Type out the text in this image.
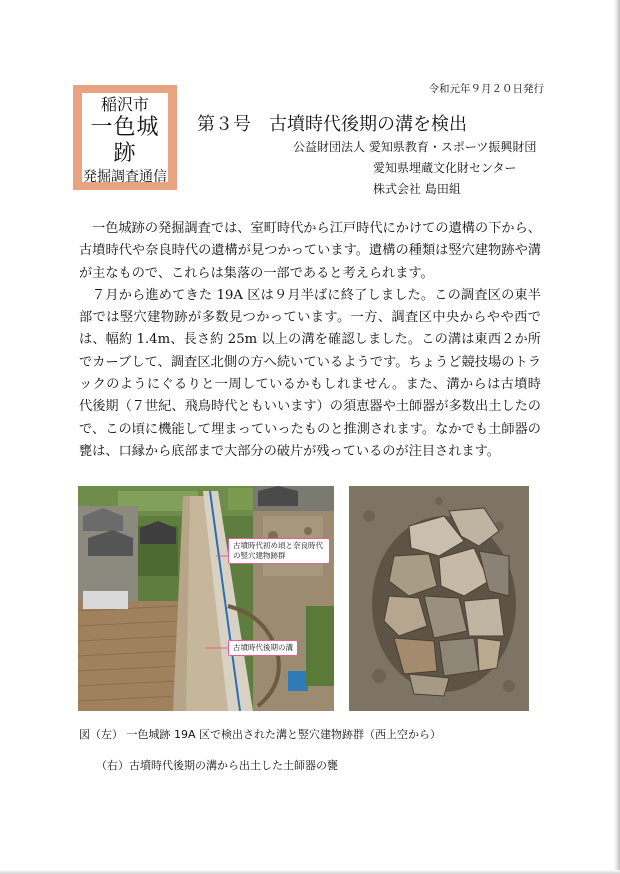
令和元年９月２０日発行
稲沢市
一色城跡
発掘調査通信
第３号 古墳時代後期の溝を検出
公益財団法人 愛知県教育・スポーツ振興財団
愛知県埋蔵文化財センター
株式会社 島田組

一色城跡の発掘調査では、室町時代から江戸時代にかけての遺構の下から、古墳時代や奈良時代の遺構が見つかっています。遺構の種類は竪穴建物跡や溝が主なもので、これらは集落の一部であると考えられます。

７月から進めてきた 19A 区は９月半ばに終了しました。この調査区の東半部では竪穴建物跡が多数見つかっています。一方、調査区中央からやや西では、幅約 1.4m、長さ約 25m 以上の溝を確認しました。この溝は東西２か所でカーブして、調査区北側の方へ続いているようです。ちょうど競技場のトラックのようにぐるりと一周しているかもしれません。また、溝からは古墳時代後期（７世紀、飛鳥時代ともいいます）の須恵器や土師器が多数出土したので、この頃に機能して埋まっていったものと推測されます。なかでも土師器の甕は、口縁から底部まで大部分の破片が残っているのが注目されます。

古墳時代初め頃と奈良時代の竪穴建物跡群
古墳時代後期の溝
図（左） 一色城跡 19A 区で検出された溝と竪穴建物跡群（西上空から）
（右）古墳時代後期の溝から出土した土師器の甕
